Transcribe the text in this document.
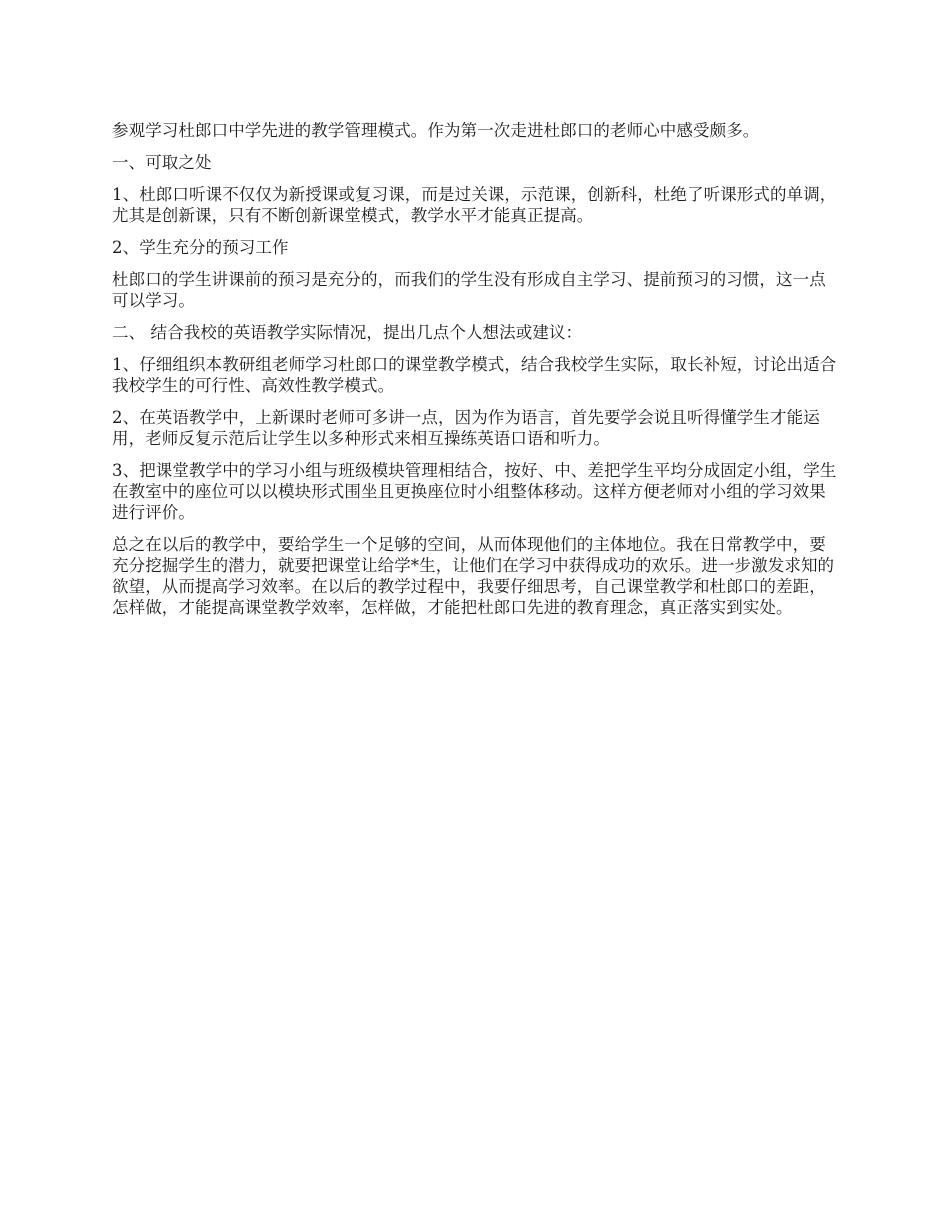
参观学习杜郎口中学先进的教学管理模式。作为第一次走进杜郎口的老师心中感受颇多。

一、可取之处

1、杜郎口听课不仅仅为新授课或复习课，而是过关课，示范课，创新科，杜绝了听课形式的单调，尤其是创新课，只有不断创新课堂模式，教学水平才能真正提高。

2、学生充分的预习工作

杜郎口的学生讲课前的预习是充分的，而我们的学生没有形成自主学习、提前预习的习惯，这一点可以学习。

二、 结合我校的英语教学实际情况，提出几点个人想法或建议：

1、仔细组织本教研组老师学习杜郎口的课堂教学模式，结合我校学生实际，取长补短，讨论出适合我校学生的可行性、高效性教学模式。

2、在英语教学中，上新课时老师可多讲一点，因为作为语言，首先要学会说且听得懂学生才能运用，老师反复示范后让学生以多种形式来相互操练英语口语和听力。

3、把课堂教学中的学习小组与班级模块管理相结合，按好、中、差把学生平均分成固定小组，学生在教室中的座位可以以模块形式围坐且更换座位时小组整体移动。这样方便老师对小组的学习效果进行评价。

总之在以后的教学中，要给学生一个足够的空间，从而体现他们的主体地位。我在日常教学中，要充分挖掘学生的潜力，就要把课堂让给学*生，让他们在学习中获得成功的欢乐。进一步激发求知的欲望，从而提高学习效率。在以后的教学过程中，我要仔细思考，自己课堂教学和杜郎口的差距，怎样做，才能提高课堂教学效率，怎样做，才能把杜郎口先进的教育理念，真正落实到实处。
